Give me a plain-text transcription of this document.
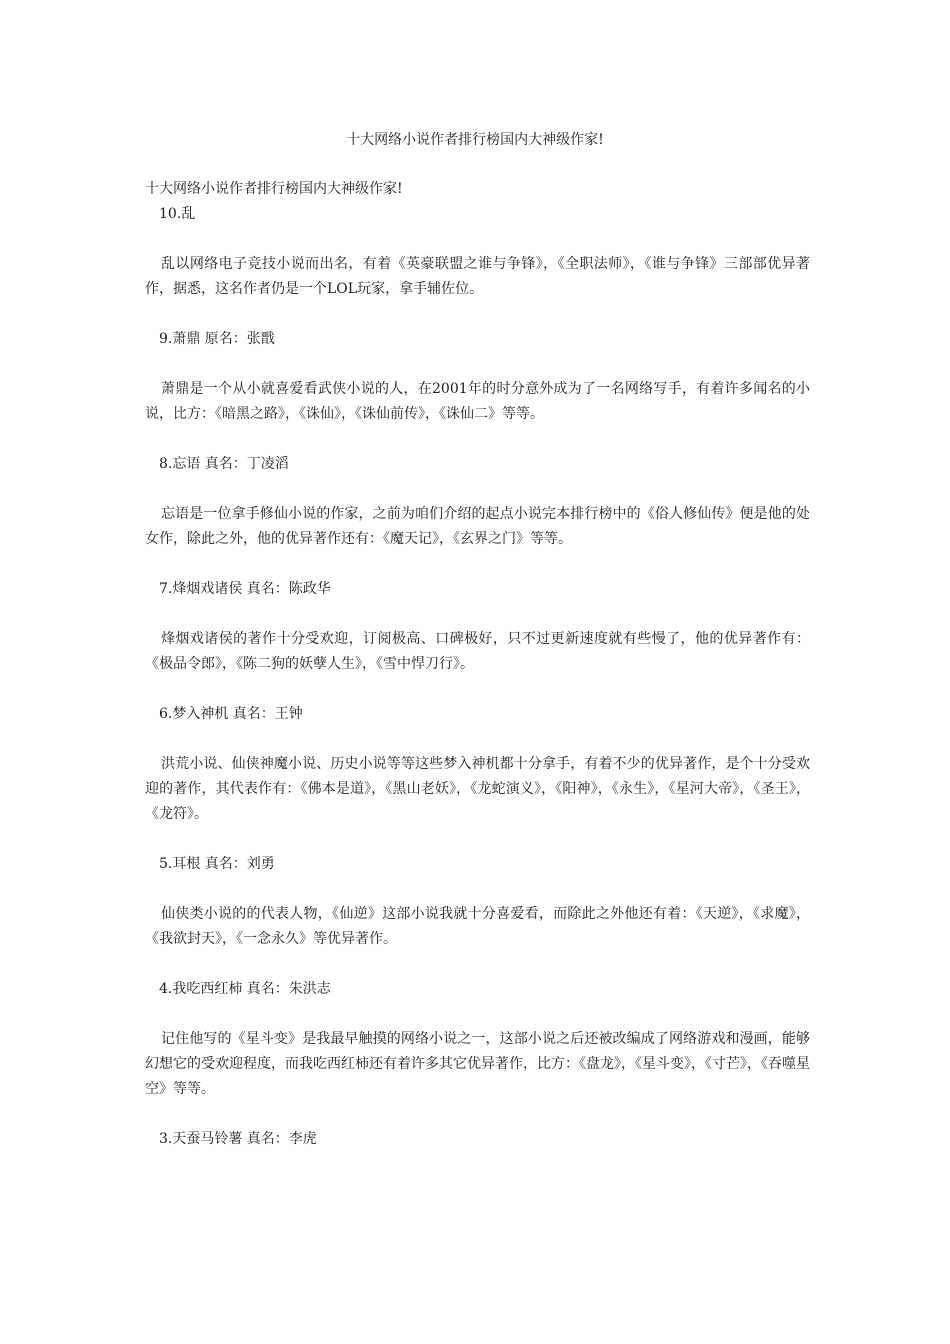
十大网络小说作者排行榜国内大神级作家!

十大网络小说作者排行榜国内大神级作家!

10.乱

乱以网络电子竞技小说而出名，有着《英豪联盟之谁与争锋》，《全职法师》，《谁与争锋》三部部优异著作，据悉，这名作者仍是一个LOL玩家，拿手辅佐位。

9.萧鼎 原名：张戬

萧鼎是一个从小就喜爱看武侠小说的人，在2001年的时分意外成为了一名网络写手，有着许多闻名的小说，比方：《暗黑之路》，《诛仙》，《诛仙前传》，《诛仙二》等等。

8.忘语 真名：丁凌滔

忘语是一位拿手修仙小说的作家，之前为咱们介绍的起点小说完本排行榜中的《俗人修仙传》便是他的处女作，除此之外，他的优异著作还有：《魔天记》，《玄界之门》等等。

7.烽烟戏诸侯 真名：陈政华

烽烟戏诸侯的著作十分受欢迎，订阅极高、口碑极好，只不过更新速度就有些慢了，他的优异著作有：《极品令郎》，《陈二狗的妖孽人生》，《雪中悍刀行》。

6.梦入神机 真名：王钟

洪荒小说、仙侠神魔小说、历史小说等等这些梦入神机都十分拿手，有着不少的优异著作，是个十分受欢迎的著作，其代表作有：《佛本是道》，《黑山老妖》，《龙蛇演义》，《阳神》，《永生》，《星河大帝》，《圣王》，《龙符》。

5.耳根 真名：刘勇

仙侠类小说的的代表人物，《仙逆》这部小说我就十分喜爱看，而除此之外他还有着：《天逆》，《求魔》，《我欲封天》，《一念永久》等优异著作。

4.我吃西红柿 真名：朱洪志

记住他写的《星斗变》是我最早触摸的网络小说之一，这部小说之后还被改编成了网络游戏和漫画，能够幻想它的受欢迎程度，而我吃西红柿还有着许多其它优异著作，比方：《盘龙》，《星斗变》，《寸芒》，《吞噬星空》等等。

3.天蚕马铃薯 真名：李虎
